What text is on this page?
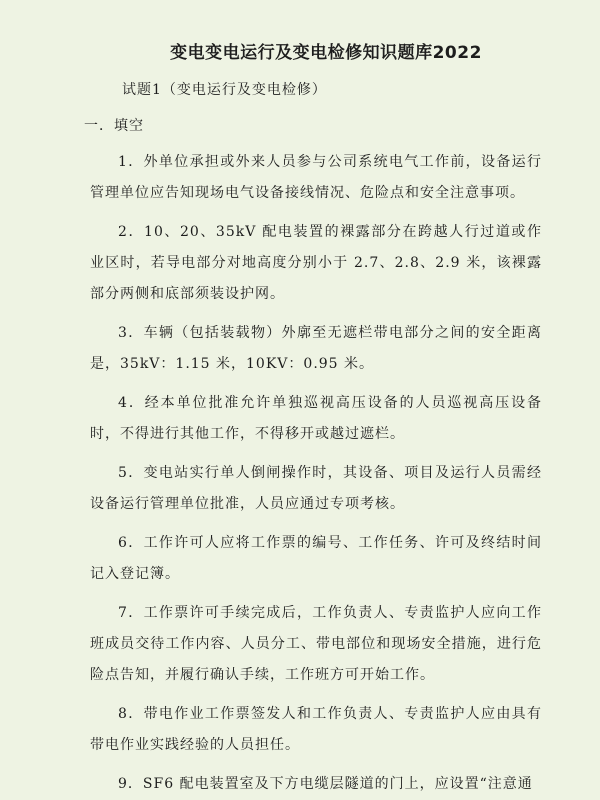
变电变电运行及变电检修知识题库2022
试题1（变电运行及变电检修）
一．填空

1．外单位承担或外来人员参与公司系统电气工作前，设备运行管理单位应告知现场电气设备接线情况、危险点和安全注意事项。

2．10、20、35kV 配电装置的裸露部分在跨越人行过道或作业区时，若导电部分对地高度分别小于 2.7、2.8、2.9 米，该裸露部分两侧和底部须装设护网。

3．车辆（包括装载物）外廓至无遮栏带电部分之间的安全距离是，35kV：1.15 米，10KV：0.95 米。

4．经本单位批准允许单独巡视高压设备的人员巡视高压设备时，不得进行其他工作，不得移开或越过遮栏。

5．变电站实行单人倒闸操作时，其设备、项目及运行人员需经设备运行管理单位批准，人员应通过专项考核。

6．工作许可人应将工作票的编号、工作任务、许可及终结时间记入登记簿。

7．工作票许可手续完成后，工作负责人、专责监护人应向工作班成员交待工作内容、人员分工、带电部位和现场安全措施，进行危险点告知，并履行确认手续，工作班方可开始工作。

8．带电作业工作票签发人和工作负责人、专责监护人应由具有带电作业实践经验的人员担任。

9．SF6 配电装置室及下方电缆层隧道的门上，应设置“注意通
